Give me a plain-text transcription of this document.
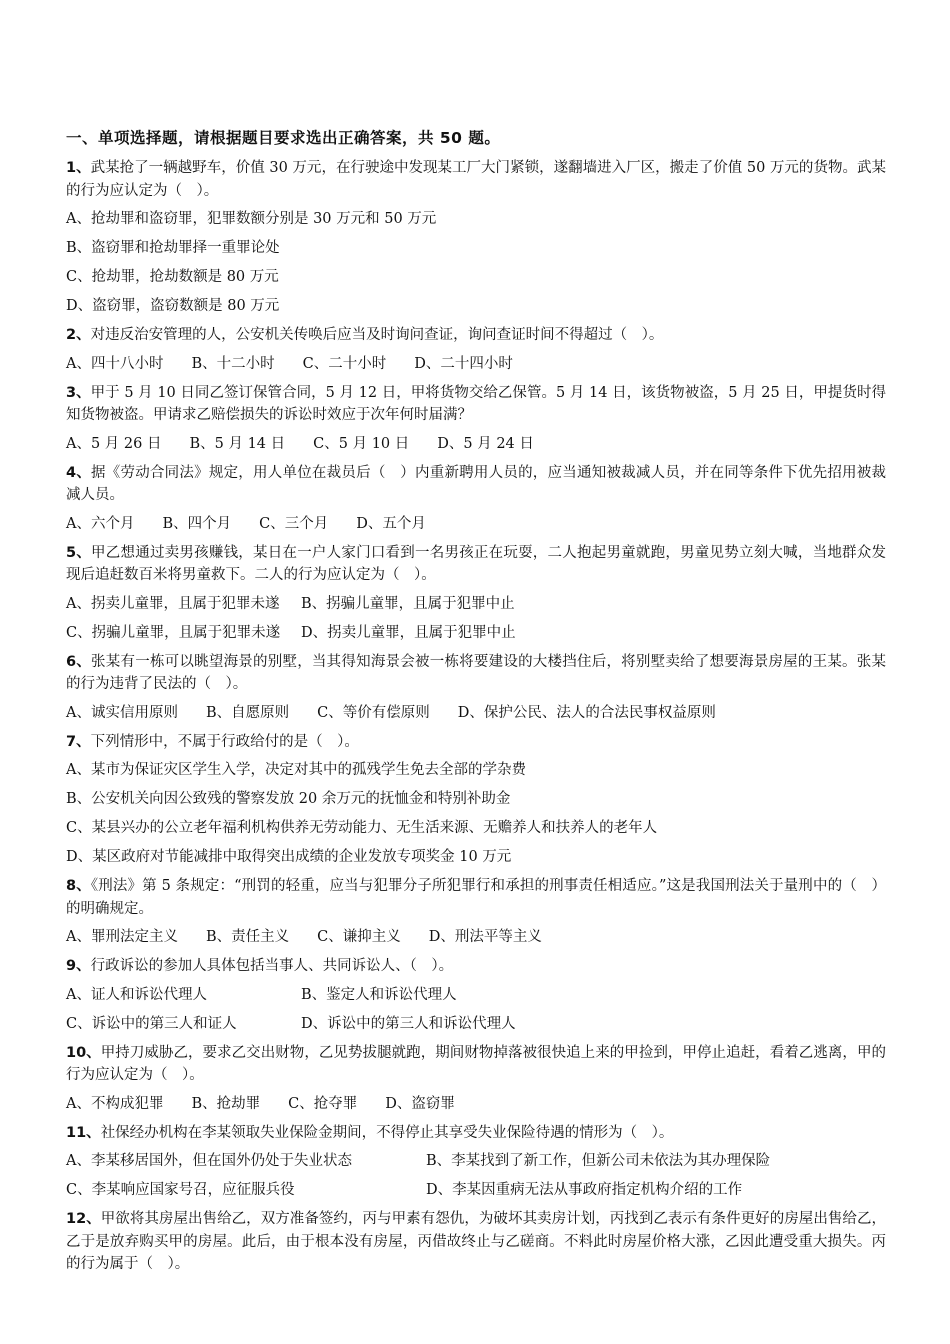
一、单项选择题，请根据题目要求选出正确答案，共 50 题。
1、武某抢了一辆越野车，价值 30 万元，在行驶途中发现某工厂大门紧锁，遂翻墙进入厂区，搬走了价值 50 万元的货物。武某的行为应认定为（　）。
A、抢劫罪和盗窃罪，犯罪数额分别是 30 万元和 50 万元
B、盗窃罪和抢劫罪择一重罪论处
C、抢劫罪，抢劫数额是 80 万元
D、盗窃罪，盗窃数额是 80 万元
2、对违反治安管理的人，公安机关传唤后应当及时询问查证，询问查证时间不得超过（　）。
A、四十八小时 B、十二小时 C、二十小时 D、二十四小时
3、甲于 5 月 10 日同乙签订保管合同，5 月 12 日，甲将货物交给乙保管。5 月 14 日，该货物被盗，5 月 25 日，甲提货时得知货物被盗。甲请求乙赔偿损失的诉讼时效应于次年何时届满？
A、5 月 26 日 B、5 月 14 日 C、5 月 10 日 D、5 月 24 日
4、据《劳动合同法》规定，用人单位在裁员后（　）内重新聘用人员的，应当通知被裁减人员，并在同等条件下优先招用被裁减人员。
A、六个月 B、四个月 C、三个月 D、五个月
5、甲乙想通过卖男孩赚钱，某日在一户人家门口看到一名男孩正在玩耍，二人抱起男童就跑，男童见势立刻大喊，当地群众发现后追赶数百米将男童救下。二人的行为应认定为（　）。
A、拐卖儿童罪，且属于犯罪未遂	B、拐骗儿童罪，且属于犯罪中止
C、拐骗儿童罪，且属于犯罪未遂	D、拐卖儿童罪，且属于犯罪中止
6、张某有一栋可以眺望海景的别墅，当其得知海景会被一栋将要建设的大楼挡住后，将别墅卖给了想要海景房屋的王某。张某的行为违背了民法的（　）。
A、诚实信用原则 B、自愿原则 C、等价有偿原则 D、保护公民、法人的合法民事权益原则
7、下列情形中，不属于行政给付的是（　）。
A、某市为保证灾区学生入学，决定对其中的孤残学生免去全部的学杂费
B、公安机关向因公致残的警察发放 20 余万元的抚恤金和特别补助金
C、某县兴办的公立老年福利机构供养无劳动能力、无生活来源、无赡养人和扶养人的老年人
D、某区政府对节能减排中取得突出成绩的企业发放专项奖金 10 万元
8、《刑法》第 5 条规定：“刑罚的轻重，应当与犯罪分子所犯罪行和承担的刑事责任相适应。”这是我国刑法关于量刑中的（　）的明确规定。
A、罪刑法定主义 B、责任主义 C、谦抑主义 D、刑法平等主义
9、行政诉讼的参加人具体包括当事人、共同诉讼人、（　）。
A、证人和诉讼代理人	B、鉴定人和诉讼代理人
C、诉讼中的第三人和证人	D、诉讼中的第三人和诉讼代理人
10、甲持刀威胁乙，要求乙交出财物，乙见势拔腿就跑，期间财物掉落被很快追上来的甲捡到，甲停止追赶，看着乙逃离，甲的行为应认定为（　）。
A、不构成犯罪 B、抢劫罪 C、抢夺罪 D、盗窃罪
11、社保经办机构在李某领取失业保险金期间，不得停止其享受失业保险待遇的情形为（　）。
A、李某移居国外，但在国外仍处于失业状态	B、李某找到了新工作，但新公司未依法为其办理保险
C、李某响应国家号召，应征服兵役	D、李某因重病无法从事政府指定机构介绍的工作
12、甲欲将其房屋出售给乙，双方准备签约，丙与甲素有怨仇，为破坏其卖房计划，丙找到乙表示有条件更好的房屋出售给乙，乙于是放弃购买甲的房屋。此后，由于根本没有房屋，丙借故终止与乙磋商。不料此时房屋价格大涨，乙因此遭受重大损失。丙的行为属于（　）。
